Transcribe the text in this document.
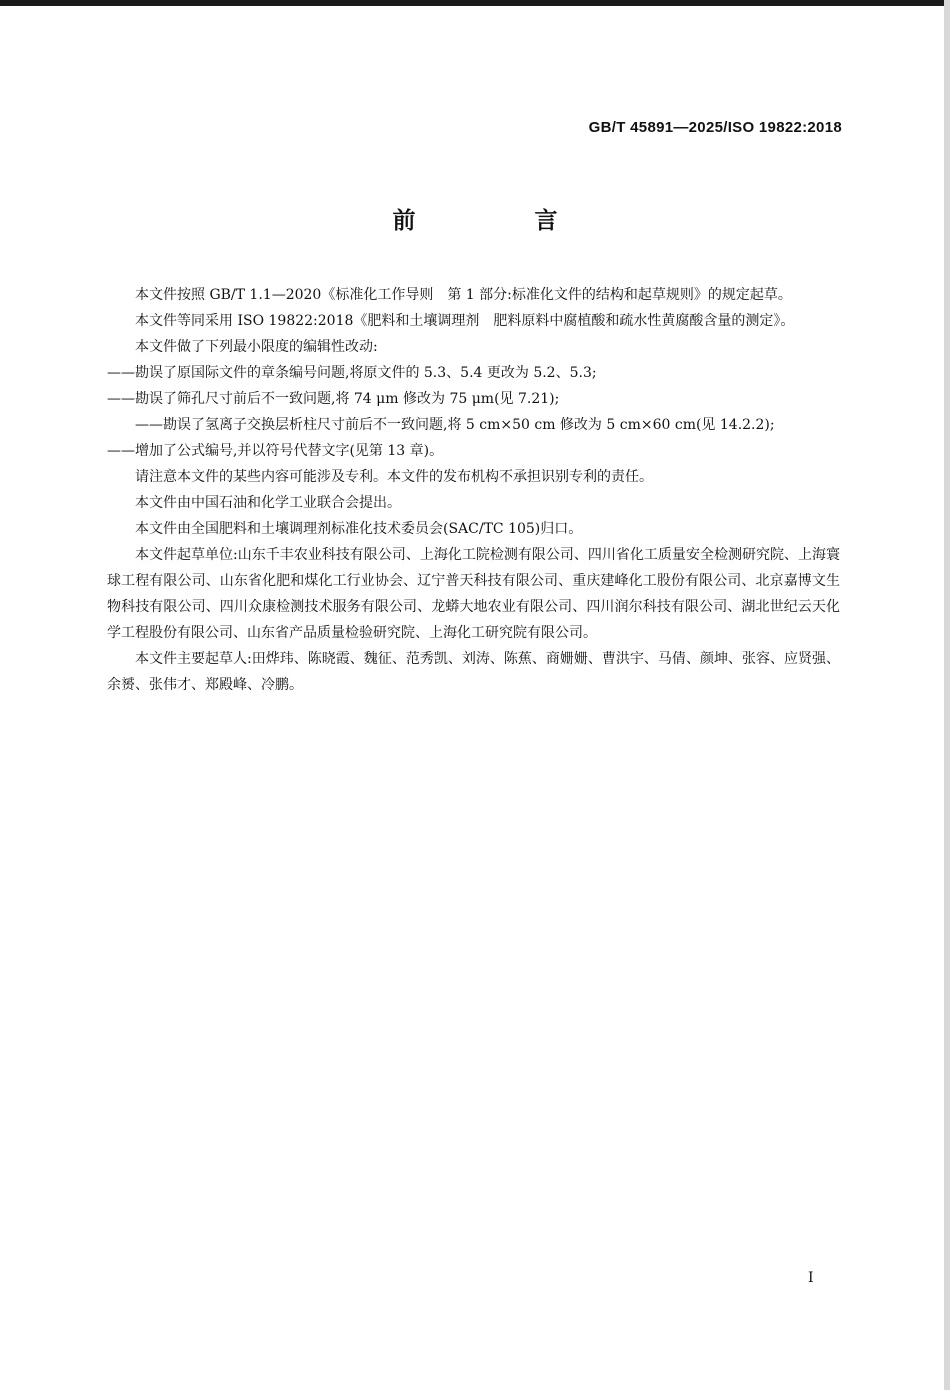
GB/T 45891—2025/ISO 19822:2018
前　言

本文件按照 GB/T 1.1—2020《标准化工作导则　第 1 部分:标准化文件的结构和起草规则》的规定起草。

本文件等同采用 ISO 19822:2018《肥料和土壤调理剂　肥料原料中腐植酸和疏水性黄腐酸含量的测定》。

本文件做了下列最小限度的编辑性改动:

——勘误了原国际文件的章条编号问题,将原文件的 5.3、5.4 更改为 5.2、5.3;

——勘误了筛孔尺寸前后不一致问题,将 74 μm 修改为 75 μm(见 7.21);

——勘误了氢离子交换层析柱尺寸前后不一致问题,将 5 cm×50 cm 修改为 5 cm×60 cm(见 14.2.2);

——增加了公式编号,并以符号代替文字(见第 13 章)。

请注意本文件的某些内容可能涉及专利。本文件的发布机构不承担识别专利的责任。

本文件由中国石油和化学工业联合会提出。

本文件由全国肥料和土壤调理剂标准化技术委员会(SAC/TC 105)归口。

本文件起草单位:山东千丰农业科技有限公司、上海化工院检测有限公司、四川省化工质量安全检测研究院、上海寰球工程有限公司、山东省化肥和煤化工行业协会、辽宁普天科技有限公司、重庆建峰化工股份有限公司、北京嘉博文生物科技有限公司、四川众康检测技术服务有限公司、龙蟒大地农业有限公司、四川润尔科技有限公司、湖北世纪云天化学工程股份有限公司、山东省产品质量检验研究院、上海化工研究院有限公司。

本文件主要起草人:田烨玮、陈晓霞、魏征、范秀凯、刘涛、陈蕉、商姗姗、曹洪宇、马倩、颜坤、张容、应贤强、余赟、张伟才、郑殿峰、冷鹏。

I
